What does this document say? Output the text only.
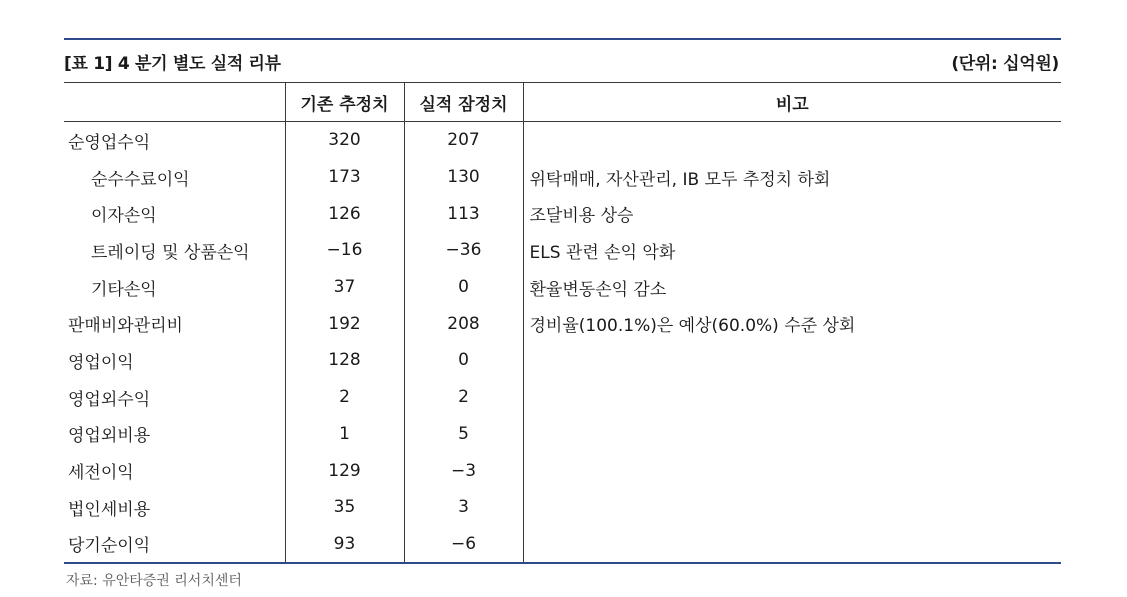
[표 1] 4 분기 별도 실적 리뷰	(단위: 십억원)
	기존 추정치	실적 잠정치	비고
순영업수익	320	207	
순수수료이익	173	130	위탁매매, 자산관리, IB 모두 추정치 하회
이자손익	126	113	조달비용 상승
트레이딩 및 상품손익	−16	−36	ELS 관련 손익 악화
기타손익	37	0	환율변동손익 감소
판매비와관리비	192	208	경비율(100.1%)은 예상(60.0%) 수준 상회
영업이익	128	0	
영업외수익	2	2	
영업외비용	1	5	
세전이익	129	−3	
법인세비용	35	3	
당기순이익	93	−6	
자료: 유안타증권 리서치센터
